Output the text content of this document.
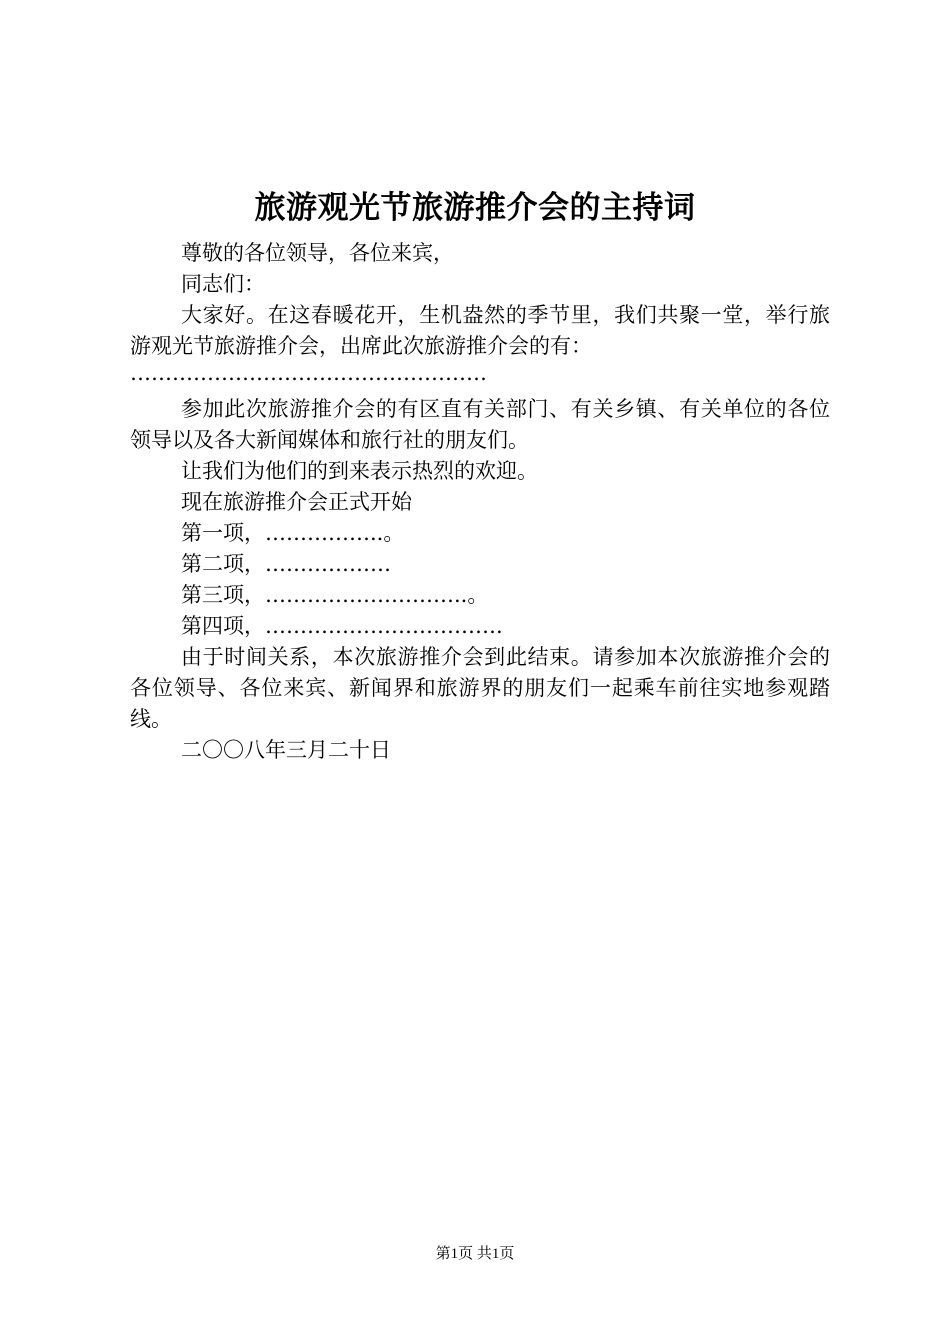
旅游观光节旅游推介会的主持词

尊敬的各位领导，各位来宾，

同志们：

大家好。在这春暖花开，生机盎然的季节里，我们共聚一堂，举行旅游观光节旅游推介会，出席此次旅游推介会的有：

……………………………………………

参加此次旅游推介会的有区直有关部门、有关乡镇、有关单位的各位领导以及各大新闻媒体和旅行社的朋友们。

让我们为他们的到来表示热烈的欢迎。

现在旅游推介会正式开始

第一项，……………..。

第二项，………………

第三项，………………………..。

第四项，…………………………….

由于时间关系，本次旅游推介会到此结束。请参加本次旅游推介会的各位领导、各位来宾、新闻界和旅游界的朋友们一起乘车前往实地参观踏线。

二〇〇八年三月二十日

第1页 共1页
